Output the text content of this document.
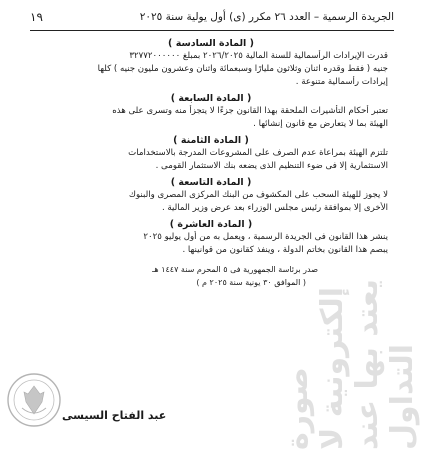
الجريدة الرسمية – العدد ٢٦ مكرر (ى) أول يولية سنة ٢٠٢٥
١٩
صورة إلكترونية لا يعتد بها عند التداول
( المادة السادسة )
قدرت الإيرادات الرأسمالية للسنة المالية ٢٠٢٦/٢٠٢٥ بمبلغ ٣٢٧٧٢٠٠٠٠٠٠
جنيه ( فقط وقدره اثنان وثلاثون مليارًا وسبعمائة واثنان وعشرون مليون جنيه ) كلها
إيرادات رأسمالية متنوعة .
( المادة السابعة )
تعتبر أحكام التأشيرات الملحقة بهذا القانون جزءًا لا يتجزأ منه وتسرى على هذه
الهيئة بما لا يتعارض مع قانون إنشائها .
( المادة الثامنة )
تلتزم الهيئة بمراعاة عدم الصرف على المشروعات المدرجة بالاستخدامات
الاستثمارية إلا فى ضوء التنظيم الذى يضعه بنك الاستثمار القومى .
( المادة التاسعة )
لا يجوز للهيئة السحب على المكشوف من البنك المركزى المصرى والبنوك
الأخرى إلا بموافقة رئيس مجلس الوزراء بعد عرض وزير المالية .
( المادة العاشرة )
ينشر هذا القانون فى الجريدة الرسمية ، ويعمل به من أول يوليو ٢٠٢٥
يبصم هذا القانون بخاتم الدولة ، وينفذ كقانون من قوانينها .
صدر برئاسة الجمهورية فى ٥ المحرم سنة ١٤٤٧ هـ
( الموافق ٣٠ يونية سنة ٢٠٢٥ م )
عبد الفتاح السيسى
